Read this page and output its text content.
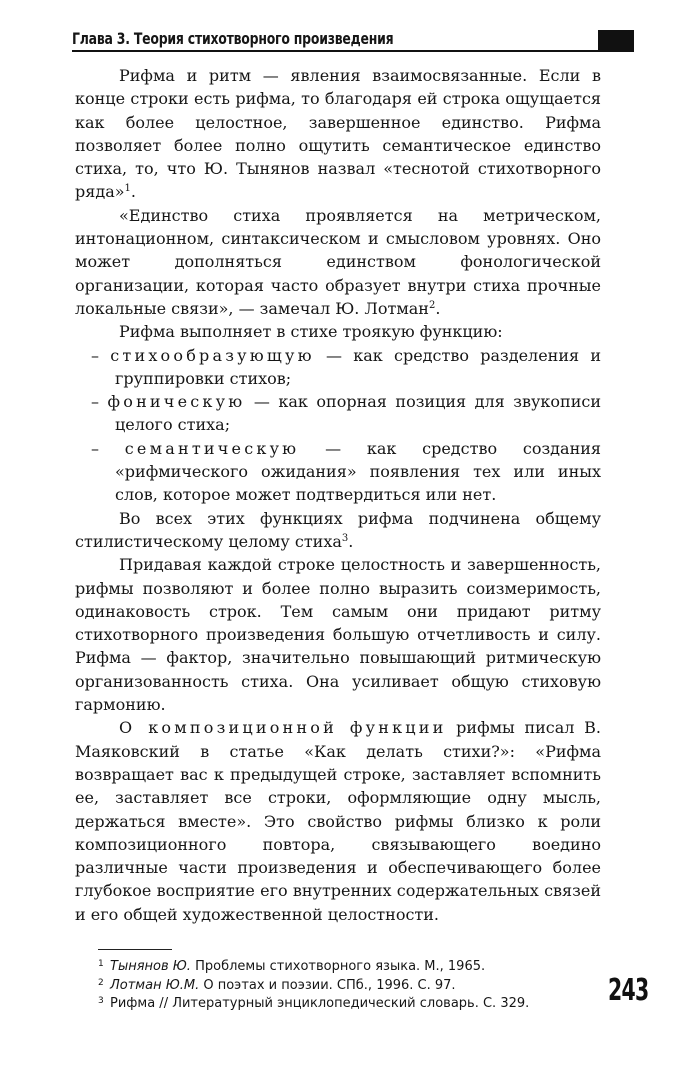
Глава 3. Теория стихотворного произведения

Рифма и ритм — явления взаимосвязанные. Если в конце строки есть рифма, то благодаря ей строка ощущается как более целостное, завершенное единство. Рифма позволяет более полно ощутить семантическое единство стиха, то, что Ю. Тынянов назвал «теснотой стихотворного ряда»$^1$.

«Единство стиха проявляется на метрическом, интонационном, синтаксическом и смысловом уровнях. Оно может дополняться единством фонологической организации, которая часто образует внутри стиха прочные локальные связи», — замечал Ю. Лотман$^2$.

Рифма выполняет в стихе троякую функцию:

– стихообразующую — как средство разделения и группировки стихов;

– фоническую — как опорная позиция для звукописи целого стиха;

– семантическую — как средство создания «рифмического ожидания» появления тех или иных слов, которое может подтвердиться или нет.

Во всех этих функциях рифма подчинена общему стилистическому целому стиха$^3$.

Придавая каждой строке целостность и завершенность, рифмы позволяют и более полно выразить соизмеримость, одинаковость строк. Тем самым они придают ритму стихотворного произведения большую отчетливость и силу. Рифма — фактор, значительно повышающий ритмическую организованность стиха. Она усиливает общую стиховую гармонию.

О композиционной функции рифмы писал В. Маяковский в статье «Как делать стихи?»: «Рифма возвращает вас к предыдущей строке, заставляет вспомнить ее, заставляет все строки, оформляющие одну мысль, держаться вместе». Это свойство рифмы близко к роли композиционного повтора, связывающего воедино различные части произведения и обеспечивающего более глубокое восприятие его внутренних содержательных связей и его общей художественной целостности.

1 Тынянов Ю. Проблемы стихотворного языка. М., 1965.
2 Лотман Ю.М. О поэтах и поэзии. СПб., 1996. С. 97.
3 Рифма // Литературный энциклопедический словарь. С. 329.	243
